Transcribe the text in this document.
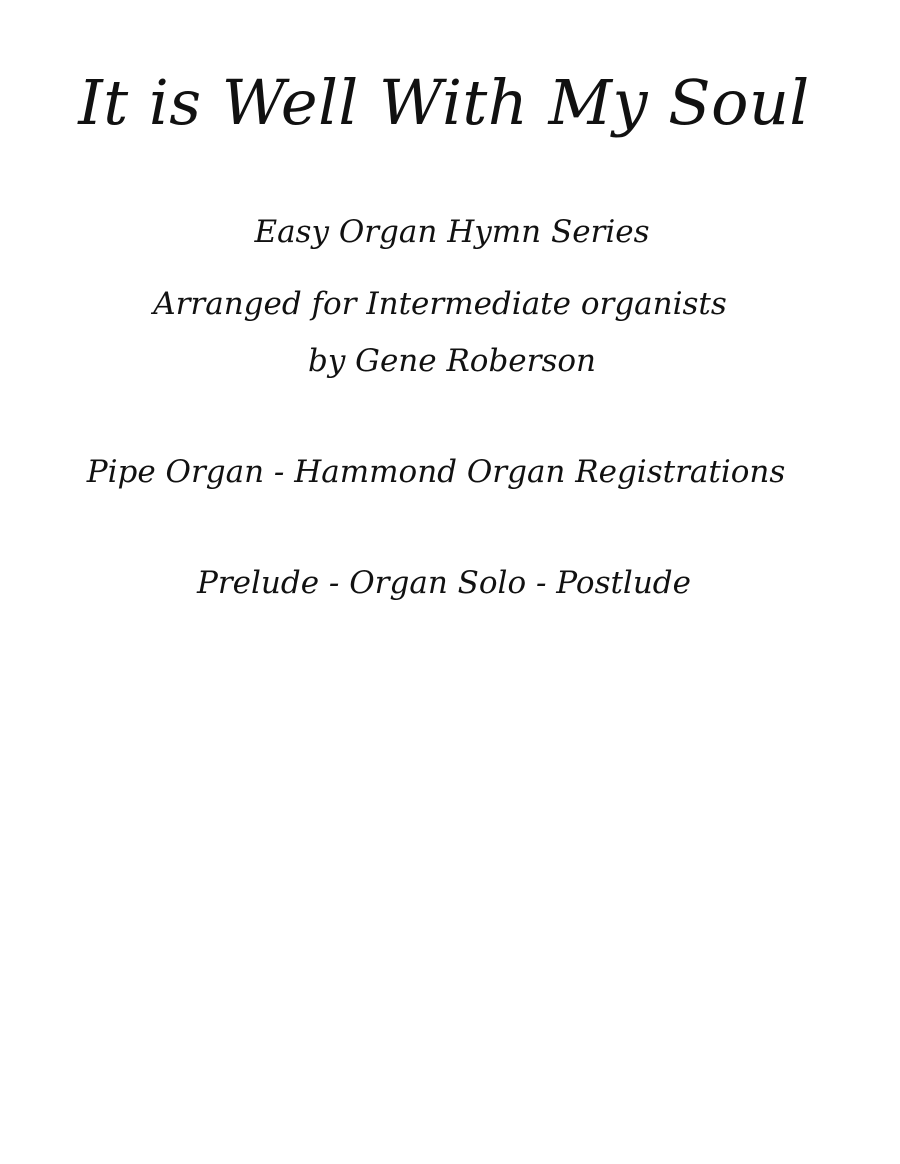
It is Well With My Soul
Easy Organ Hymn Series
Arranged for Intermediate organists
by Gene Roberson
Pipe Organ - Hammond Organ Registrations
Prelude - Organ Solo - Postlude
